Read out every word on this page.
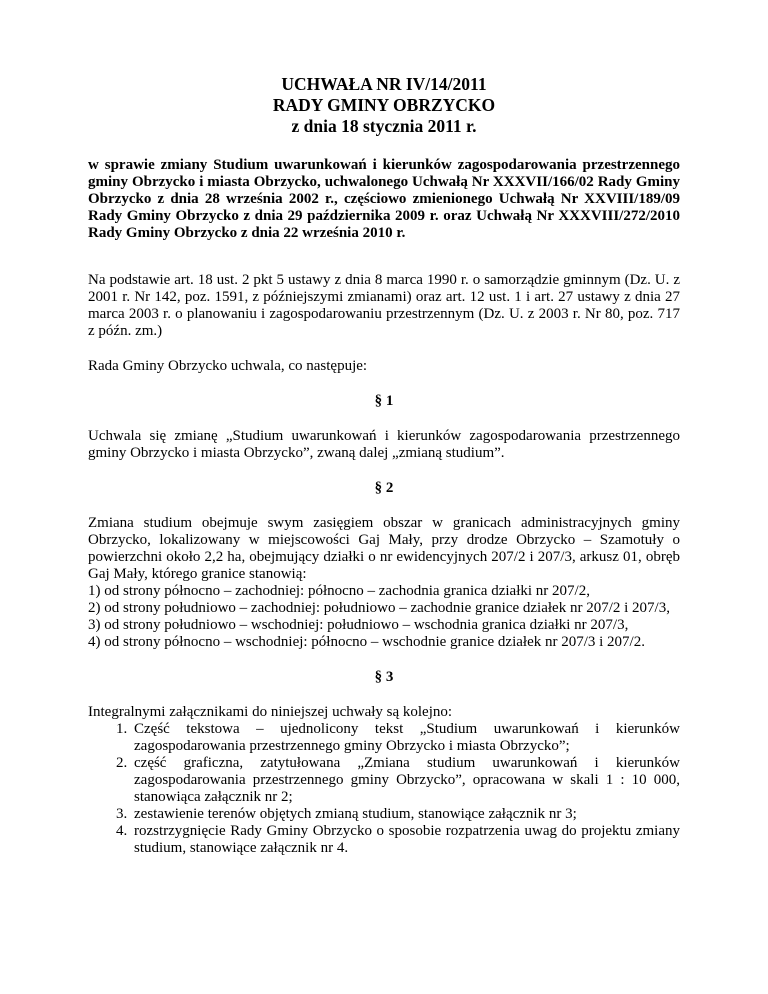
UCHWAŁA NR IV/14/2011
RADY GMINY OBRZYCKO
z dnia 18 stycznia 2011 r.
w sprawie zmiany Studium uwarunkowań i kierunków zagospodarowania przestrzennego gminy Obrzycko i miasta Obrzycko, uchwalonego Uchwałą Nr XXXVII/166/02 Rady Gminy Obrzycko z dnia 28 września 2002 r., częściowo zmienionego Uchwałą Nr XXVIII/189/09 Rady Gminy Obrzycko z dnia 29 października 2009 r. oraz Uchwałą Nr XXXVIII/272/2010 Rady Gminy Obrzycko z dnia 22 września 2010 r.
Na podstawie art. 18 ust. 2 pkt 5 ustawy z dnia 8 marca 1990 r. o samorządzie gminnym (Dz. U. z 2001 r. Nr 142, poz. 1591, z późniejszymi zmianami) oraz art. 12 ust. 1 i art. 27 ustawy z dnia 27 marca 2003 r. o planowaniu i zagospodarowaniu przestrzennym (Dz. U. z 2003 r. Nr 80, poz. 717 z późn. zm.)
Rada Gminy Obrzycko uchwala, co następuje:
§ 1
Uchwala się zmianę „Studium uwarunkowań i kierunków zagospodarowania przestrzennego gminy Obrzycko i miasta Obrzycko”, zwaną dalej „zmianą studium”.
§ 2
Zmiana studium obejmuje swym zasięgiem obszar w granicach administracyjnych gminy Obrzycko, lokalizowany w miejscowości Gaj Mały, przy drodze Obrzycko – Szamotuły o powierzchni około 2,2 ha, obejmujący działki o nr ewidencyjnych 207/2 i 207/3, arkusz 01, obręb Gaj Mały, którego granice stanowią:
1) od strony północno – zachodniej: północno – zachodnia granica działki nr 207/2,
2) od strony południowo – zachodniej: południowo – zachodnie granice działek nr 207/2 i 207/3,
3) od strony południowo – wschodniej: południowo – wschodnia granica działki nr 207/3,
4) od strony północno – wschodniej: północno – wschodnie granice działek nr 207/3 i 207/2.
§ 3
Integralnymi załącznikami do niniejszej uchwały są kolejno:
1. Część tekstowa – ujednolicony tekst „Studium uwarunkowań i kierunków zagospodarowania przestrzennego gminy Obrzycko i miasta Obrzycko”;
2. część graficzna, zatytułowana „Zmiana studium uwarunkowań i kierunków zagospodarowania przestrzennego gminy Obrzycko”, opracowana w skali 1 : 10 000, stanowiąca załącznik nr 2;
3. zestawienie terenów objętych zmianą studium, stanowiące załącznik nr 3;
4. rozstrzygnięcie Rady Gminy Obrzycko o sposobie rozpatrzenia uwag do projektu zmiany studium, stanowiące załącznik nr 4.
